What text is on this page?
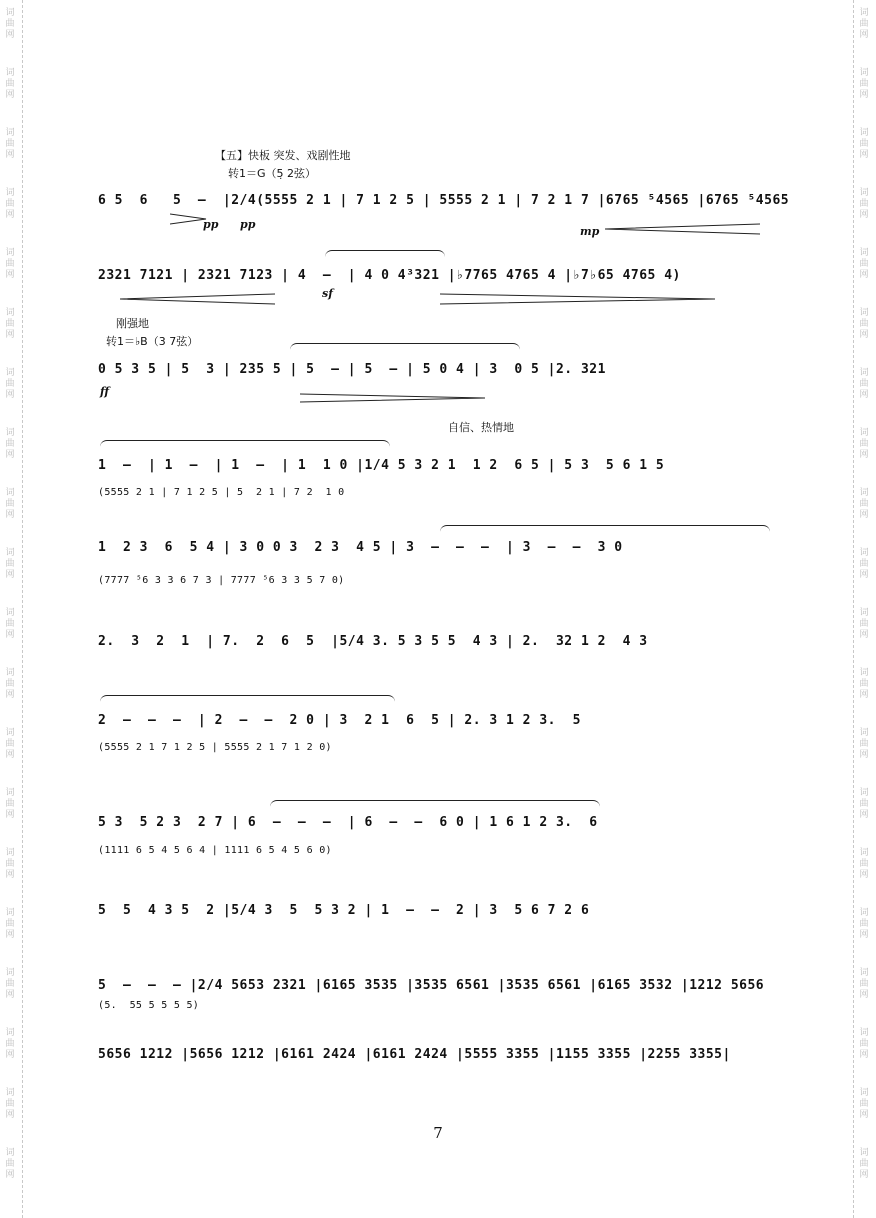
词
曲
网
词
曲
网
词
曲
网
词
曲
网
词
曲
网
词
曲
网
词
曲
网
词
曲
网
词
曲
网
词
曲
网
词
曲
网
词
曲
网
词
曲
网
词
曲
网
词
曲
网
词
曲
网
词
曲
网
词
曲
网
词
曲
网
词
曲
网
词
曲
网
词
曲
网
词
曲
网
词
曲
网
词
曲
网
词
曲
网
词
曲
网
词
曲
网
词
曲
网
词
曲
网
词
曲
网
词
曲
网
词
曲
网
词
曲
网
词
曲
网
词
曲
网
词
曲
网
词
曲
网
词
曲
网
词
曲
网
【五】快板 突发、戏剧性地
转1＝G（5̣ 2弦）
刚强地
转1＝♭B（3 7弦）
自信、热情地
pp pp
mp
sf
ff
6 5  6   5  –  |2/4(5555 2 1 | 7 1 2 5 | 5555 2 1 | 7 2 1 7 |6765 ⁵4565 |6765 ⁵4565
2321 7121 | 2321 7123 | 4  –  | 4 0 4³321 |♭7765 4765 4 |♭7♭65 4765 4)
0 5 3 5 | 5  3 | 235 5 | 5  – | 5  – | 5 0 4 | 3  0 5 |2. 321
1  –  | 1  –  | 1  –  | 1  1 0 |1/4 5 3 2 1  1 2  6 5 | 5 3  5 6 1 5
(5555 2 1 | 7 1 2 5 | 5  2 1 | 7 2  1 0
1  2 3  6  5 4 | 3 0 0 3  2 3  4 5 | 3  –  –  –  | 3  –  –  3 0
(7777 ⁵6 3 3 6 7 3 | 7777 ⁵6 3 3 5 7 0)
2.  3  2  1  | 7.  2  6  5  |5/4 3. 5 3 5 5  4 3 | 2.  32 1 2  4 3
2  –  –  –  | 2  –  –  2 0 | 3  2 1  6  5 | 2. 3 1 2 3.  5
(5555 2 1 7 1 2 5 | 5555 2 1 7 1 2 0)
5 3  5 2 3  2 7 | 6  –  –  –  | 6  –  –  6 0 | 1 6 1 2 3.  6
(1111 6 5 4 5 6 4 | 1111 6 5 4 5 6 0)
5  5  4 3 5  2 |5/4 3  5  5 3 2 | 1  –  –  2 | 3  5 6 7 2 6
5  –  –  – |2/4 5653 2321 |6165 3535 |3535 6561 |3535 6561 |6165 3532 |1212 5656
(5.  55 5 5 5 5)
5656 1212 |5656 1212 |6161 2424 |6161 2424 |5555 3355 |1155 3355 |2255 3355|
7
